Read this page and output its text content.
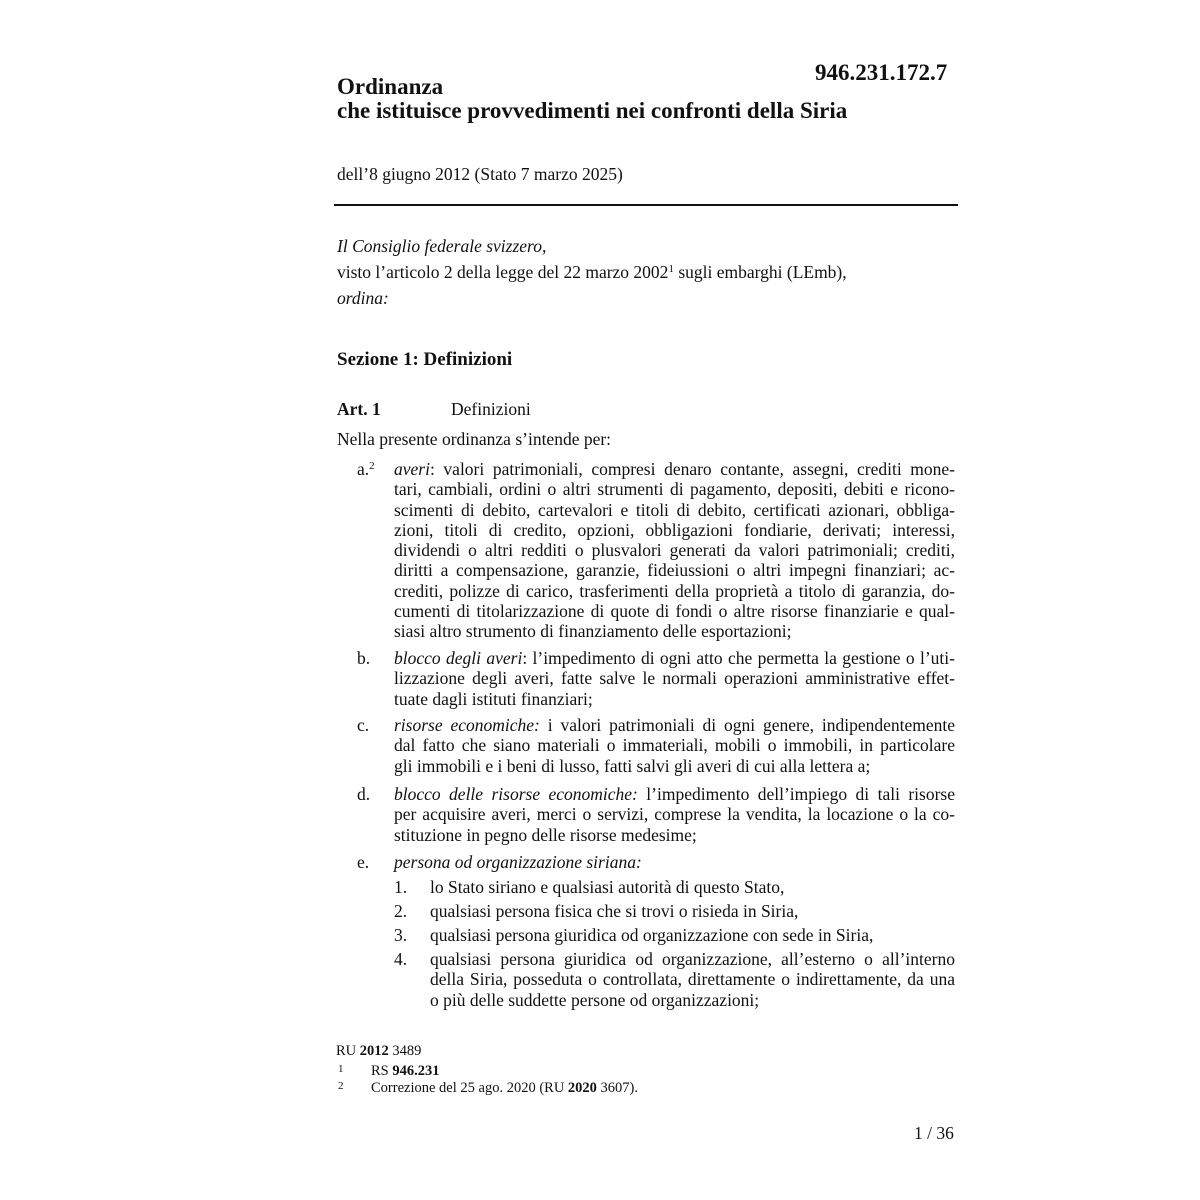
946.231.172.7
Ordinanza
che istituisce provvedimenti nei confronti della Siria
dell’8 giugno 2012 (Stato 7 marzo 2025)
Il Consiglio federale svizzero,
visto l’articolo 2 della legge del 22 marzo 2002$^1$ sugli embarghi (LEmb),
ordina:
Sezione 1: Definizioni
Art. 1	Definizioni
Nella presente ordinanza s’intende per:
a.$^2$ averi: valori patrimoniali, compresi denaro contante, assegni, crediti mone-
tari, cambiali, ordini o altri strumenti di pagamento, depositi, debiti e ricono-
scimenti di debito, cartevalori e titoli di debito, certificati azionari, obbliga-
zioni, titoli di credito, opzioni, obbligazioni fondiarie, derivati; interessi,
dividendi o altri redditi o plusvalori generati da valori patrimoniali; crediti,
diritti a compensazione, garanzie, fideiussioni o altri impegni finanziari; ac-
crediti, polizze di carico, trasferimenti della proprietà a titolo di garanzia, do-
cumenti di titolarizzazione di quote di fondi o altre risorse finanziarie e qual-
siasi altro strumento di finanziamento delle esportazioni;
b. blocco degli averi: l’impedimento di ogni atto che permetta la gestione o l’uti-
lizzazione degli averi, fatte salve le normali operazioni amministrative effet-
tuate dagli istituti finanziari;
c. risorse economiche: i valori patrimoniali di ogni genere, indipendentemente
dal fatto che siano materiali o immateriali, mobili o immobili, in particolare
gli immobili e i beni di lusso, fatti salvi gli averi di cui alla lettera a;
d. blocco delle risorse economiche: l’impedimento dell’impiego di tali risorse
per acquisire averi, merci o servizi, comprese la vendita, la locazione o la co-
stituzione in pegno delle risorse medesime;
e. persona od organizzazione siriana:
1. lo Stato siriano e qualsiasi autorità di questo Stato,
2. qualsiasi persona fisica che si trovi o risieda in Siria,
3. qualsiasi persona giuridica od organizzazione con sede in Siria,
4. qualsiasi persona giuridica od organizzazione, all’esterno o all’interno
della Siria, posseduta o controllata, direttamente o indirettamente, da una
o più delle suddette persone od organizzazioni;
RU 2012 3489
1 RS 946.231
2 Correzione del 25 ago. 2020 (RU 2020 3607).
1 / 36
